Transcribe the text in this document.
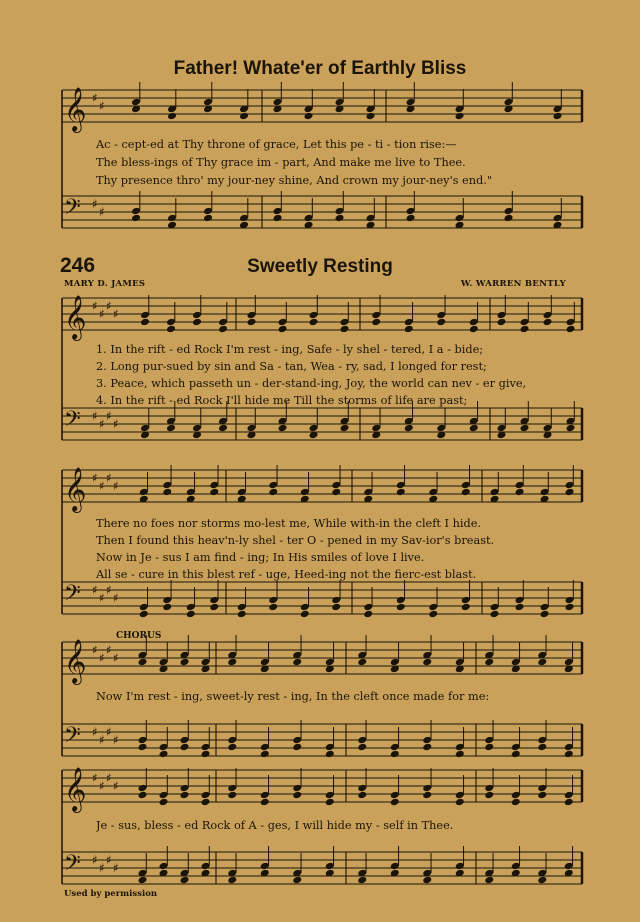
Father! Whate'er of Earthly Bliss
Ac - cept-ed at Thy throne of grace, Let this pe - ti - tion rise:—
The bless-ings of Thy grace im - part, And make me live to Thee.
Thy presence thro' my jour-ney shine, And crown my jour-ney's end."
246	Sweetly Resting
MARY D. JAMES	W. WARREN BENTLY
1. In the rift - ed Rock I'm rest - ing, Safe - ly shel - tered, I a - bide;
2. Long pur-sued by sin and Sa - tan, Wea - ry, sad, I longed for rest;
3. Peace, which passeth un - der-stand-ing, Joy, the world can nev - er give,
4. In the rift - ed Rock I'll hide me Till the storms of life are past;
There no foes nor storms mo-lest me, While with-in the cleft I hide.
Then I found this heav'n-ly shel - ter O - pened in my Sav-ior's breast.
Now in Je - sus I am find - ing; In His smiles of love I live.
All se - cure in this blest ref - uge, Heed-ing not the fierc-est blast.
CHORUS
Now I'm rest - ing, sweet-ly rest - ing, In the cleft once made for me:
Je - sus, bless - ed Rock of A - ges, I will hide my - self in Thee.
Used by permission
𝄞 ♯
♯
𝄢 ♯
♯
𝄞 ♯
♯
♯
♯
𝄢 ♯
♯
♯
♯
𝄞 ♯
♯
♯
♯
𝄢 ♯
♯
♯
♯
𝄞 ♯
♯
♯
♯
𝄢 ♯
♯
♯
♯
𝄞 ♯
♯
♯
♯
𝄢 ♯
♯
♯
♯
